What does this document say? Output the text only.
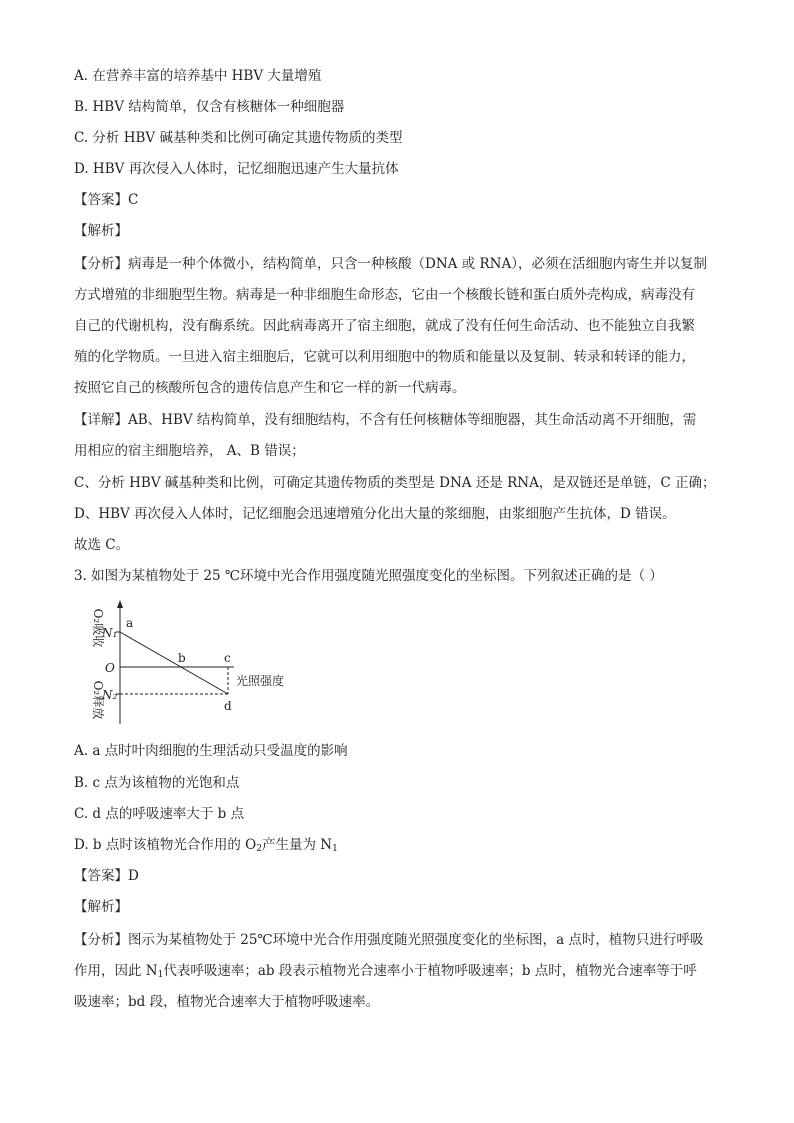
A. 在营养丰富的培养基中 HBV 大量增殖
B. HBV 结构简单，仅含有核糖体一种细胞器
C. 分析 HBV 碱基种类和比例可确定其遗传物质的类型
D. HBV 再次侵入人体时，记忆细胞迅速产生大量抗体
【答案】C
【解析】
【分析】病毒是一种个体微小，结构简单，只含一种核酸（DNA 或 RNA），必须在活细胞内寄生并以复制
方式增殖的非细胞型生物。病毒是一种非细胞生命形态，它由一个核酸长链和蛋白质外壳构成，病毒没有
自己的代谢机构，没有酶系统。因此病毒离开了宿主细胞，就成了没有任何生命活动、也不能独立自我繁
殖的化学物质。一旦进入宿主细胞后，它就可以利用细胞中的物质和能量以及复制、转录和转译的能力，
按照它自己的核酸所包含的遗传信息产生和它一样的新一代病毒。
【详解】AB、HBV 结构简单，没有细胞结构，不含有任何核糖体等细胞器，其生命活动离不开细胞，需
用相应的宿主细胞培养， A、B 错误；
C、分析 HBV 碱基种类和比例，可确定其遗传物质的类型是 DNA 还是 RNA，是双链还是单链，C 正确；
D、HBV 再次侵入人体时，记忆细胞会迅速增殖分化出大量的浆细胞，由浆细胞产生抗体，D 错误。
故选 C。
3. 如图为某植物处于 25 ℃环境中光合作用强度随光照强度变化的坐标图。下列叙述正确的是（ ）
O₂吸收
O₂释放
N₁
O
N₂
a
b	c
d
光照强度
A. a 点时叶肉细胞的生理活动只受温度的影响
B. c 点为该植物的光饱和点
C. d 点的呼吸速率大于 b 点
D. b 点时该植物光合作用的 $O_2$产生量为 $N_1$
【答案】D
【解析】
【分析】图示为某植物处于 25℃环境中光合作用强度随光照强度变化的坐标图，a 点时，植物只进行呼吸
作用，因此 $N_1$代表呼吸速率；ab 段表示植物光合速率小于植物呼吸速率；b 点时，植物光合速率等于呼
吸速率；bd 段，植物光合速率大于植物呼吸速率。
